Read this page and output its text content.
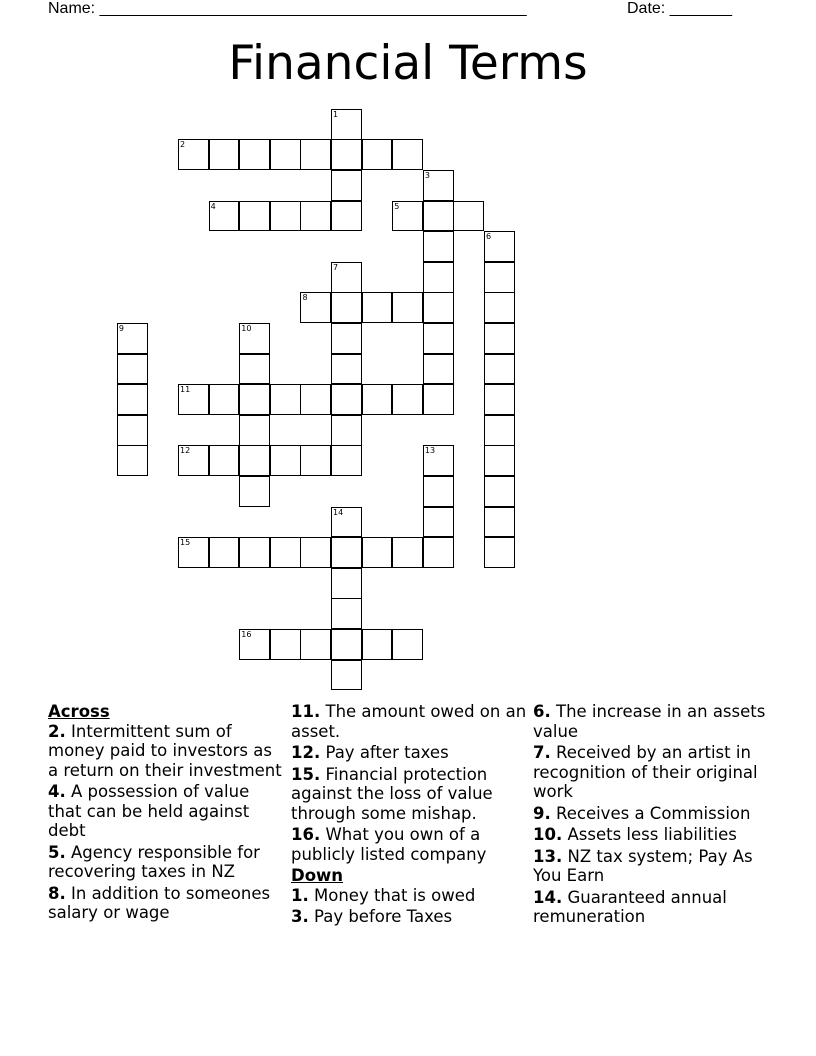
Name: ________________________________________________	Date: _______
Financial Terms
1
2
3
4	5
6
7
8
9	10
11
12	13
14
15
16
Across
2. Intermittent sum of money paid to investors as a return on their investment
4. A possession of value that can be held against debt
5. Agency responsible for recovering taxes in NZ
8. In addition to someones salary or wage
11. The amount owed on an asset.
12. Pay after taxes
15. Financial protection against the loss of value through some mishap.
16. What you own of a publicly listed company
Down
1. Money that is owed
3. Pay before Taxes
6. The increase in an assets value
7. Received by an artist in recognition of their original work
9. Receives a Commission
10. Assets less liabilities
13. NZ tax system; Pay As You Earn
14. Guaranteed annual remuneration
